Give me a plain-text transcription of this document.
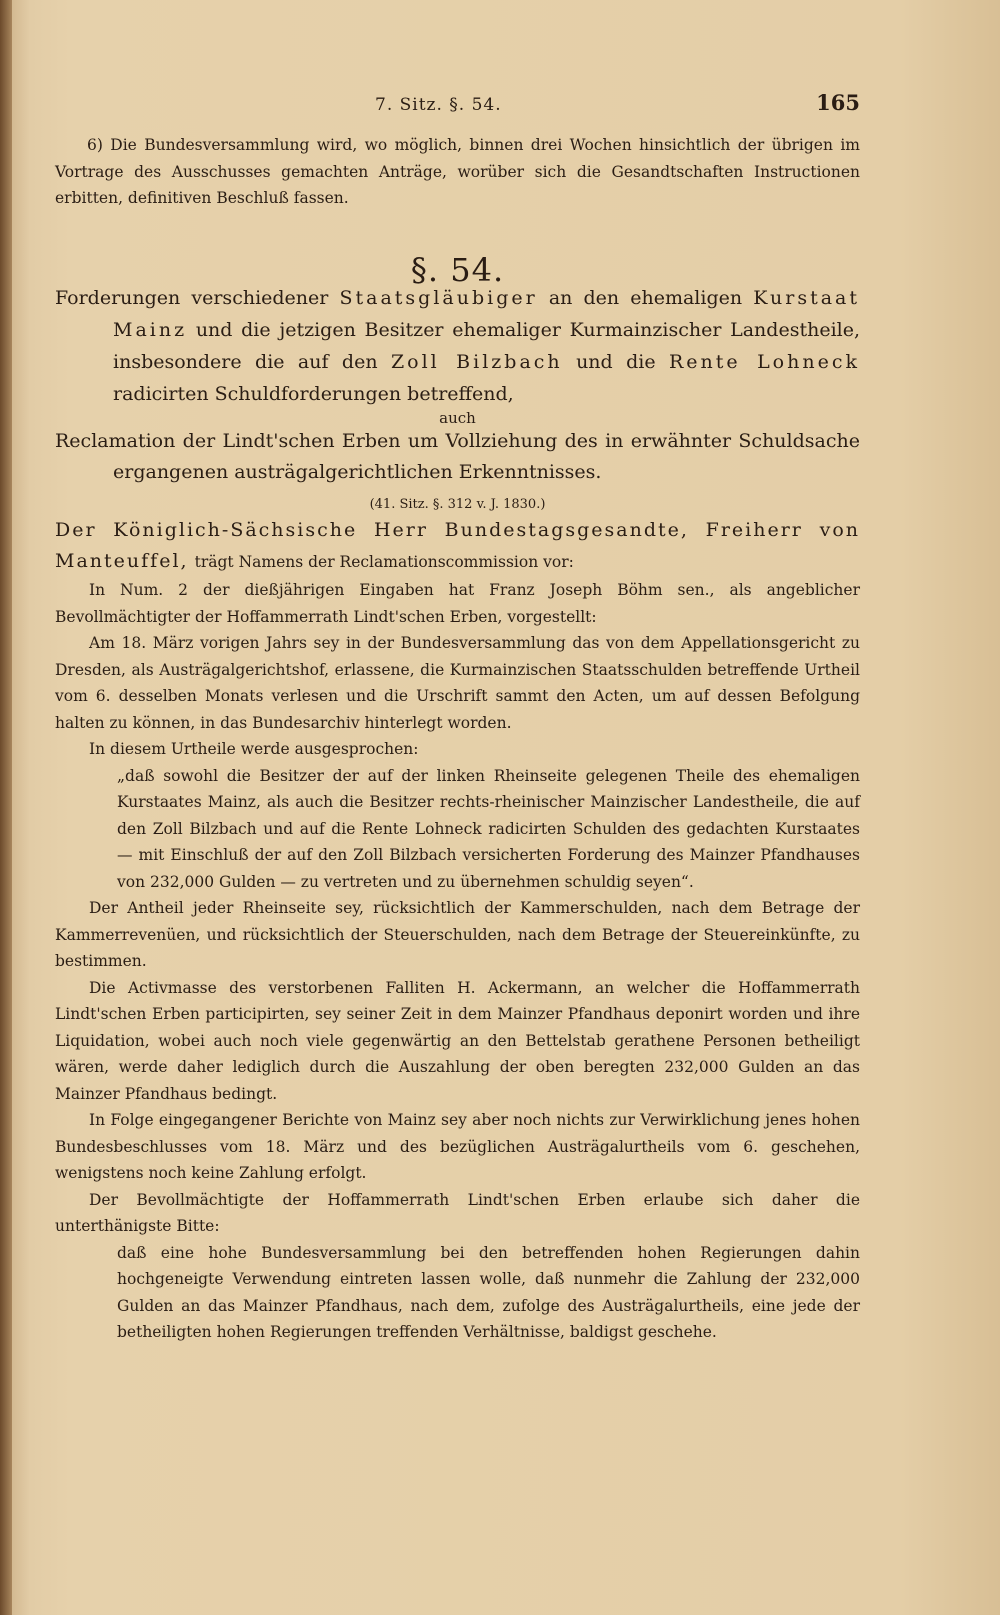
7. Sitz. §. 54.	165

6) Die Bundesversammlung wird, wo möglich, binnen drei Wochen hinsichtlich der übrigen im Vortrage des Ausschusses gemachten Anträge, worüber sich die Gesandtschaften Instructionen erbitten, definitiven Beschluß fassen.

§. 54.

Forderungen verschiedener Staatsgläubiger an den ehemaligen Kurstaat Mainz und die jetzigen Besitzer ehemaliger Kurmainzischer Landestheile, insbesondere die auf den Zoll Bilzbach und die Rente Lohneck radicirten Schuldforderungen betreffend,

auch

Reclamation der Lindt'schen Erben um Vollziehung des in erwähnter Schuldsache ergangenen austrägalgerichtlichen Erkenntnisses.

(41. Sitz. §. 312 v. J. 1830.)

Der Königlich-Sächsische Herr Bundestagsgesandte, Freiherr von Manteuffel, trägt Namens der Reclamationscommission vor:

In Num. 2 der dießjährigen Eingaben hat Franz Joseph Böhm sen., als angeblicher Bevollmächtigter der Hoffammerrath Lindt'schen Erben, vorgestellt:

Am 18. März vorigen Jahrs sey in der Bundesversammlung das von dem Appellationsgericht zu Dresden, als Austrägalgerichtshof, erlassene, die Kurmainzischen Staatsschulden betreffende Urtheil vom 6. desselben Monats verlesen und die Urschrift sammt den Acten, um auf dessen Befolgung halten zu können, in das Bundesarchiv hinterlegt worden.

In diesem Urtheile werde ausgesprochen:

„daß sowohl die Besitzer der auf der linken Rheinseite gelegenen Theile des ehemaligen Kurstaates Mainz, als auch die Besitzer rechts-rheinischer Mainzischer Landestheile, die auf den Zoll Bilzbach und auf die Rente Lohneck radicirten Schulden des gedachten Kurstaates — mit Einschluß der auf den Zoll Bilzbach versicherten Forderung des Mainzer Pfandhauses von 232,000 Gulden — zu vertreten und zu übernehmen schuldig seyen“.

Der Antheil jeder Rheinseite sey, rücksichtlich der Kammerschulden, nach dem Betrage der Kammerrevenüen, und rücksichtlich der Steuerschulden, nach dem Betrage der Steuereinkünfte, zu bestimmen.

Die Activmasse des verstorbenen Falliten H. Ackermann, an welcher die Hoffammerrath Lindt'schen Erben participirten, sey seiner Zeit in dem Mainzer Pfandhaus deponirt worden und ihre Liquidation, wobei auch noch viele gegenwärtig an den Bettelstab gerathene Personen betheiligt wären, werde daher lediglich durch die Auszahlung der oben beregten 232,000 Gulden an das Mainzer Pfandhaus bedingt.

In Folge eingegangener Berichte von Mainz sey aber noch nichts zur Verwirklichung jenes hohen Bundesbeschlusses vom 18. März und des bezüglichen Austrägalurtheils vom 6. geschehen, wenigstens noch keine Zahlung erfolgt.

Der Bevollmächtigte der Hoffammerrath Lindt'schen Erben erlaube sich daher die unterthänigste Bitte:

daß eine hohe Bundesversammlung bei den betreffenden hohen Regierungen dahin hochgeneigte Verwendung eintreten lassen wolle, daß nunmehr die Zahlung der 232,000 Gulden an das Mainzer Pfandhaus, nach dem, zufolge des Austrägalurtheils, eine jede der betheiligten hohen Regierungen treffenden Verhältnisse, baldigst geschehe.
